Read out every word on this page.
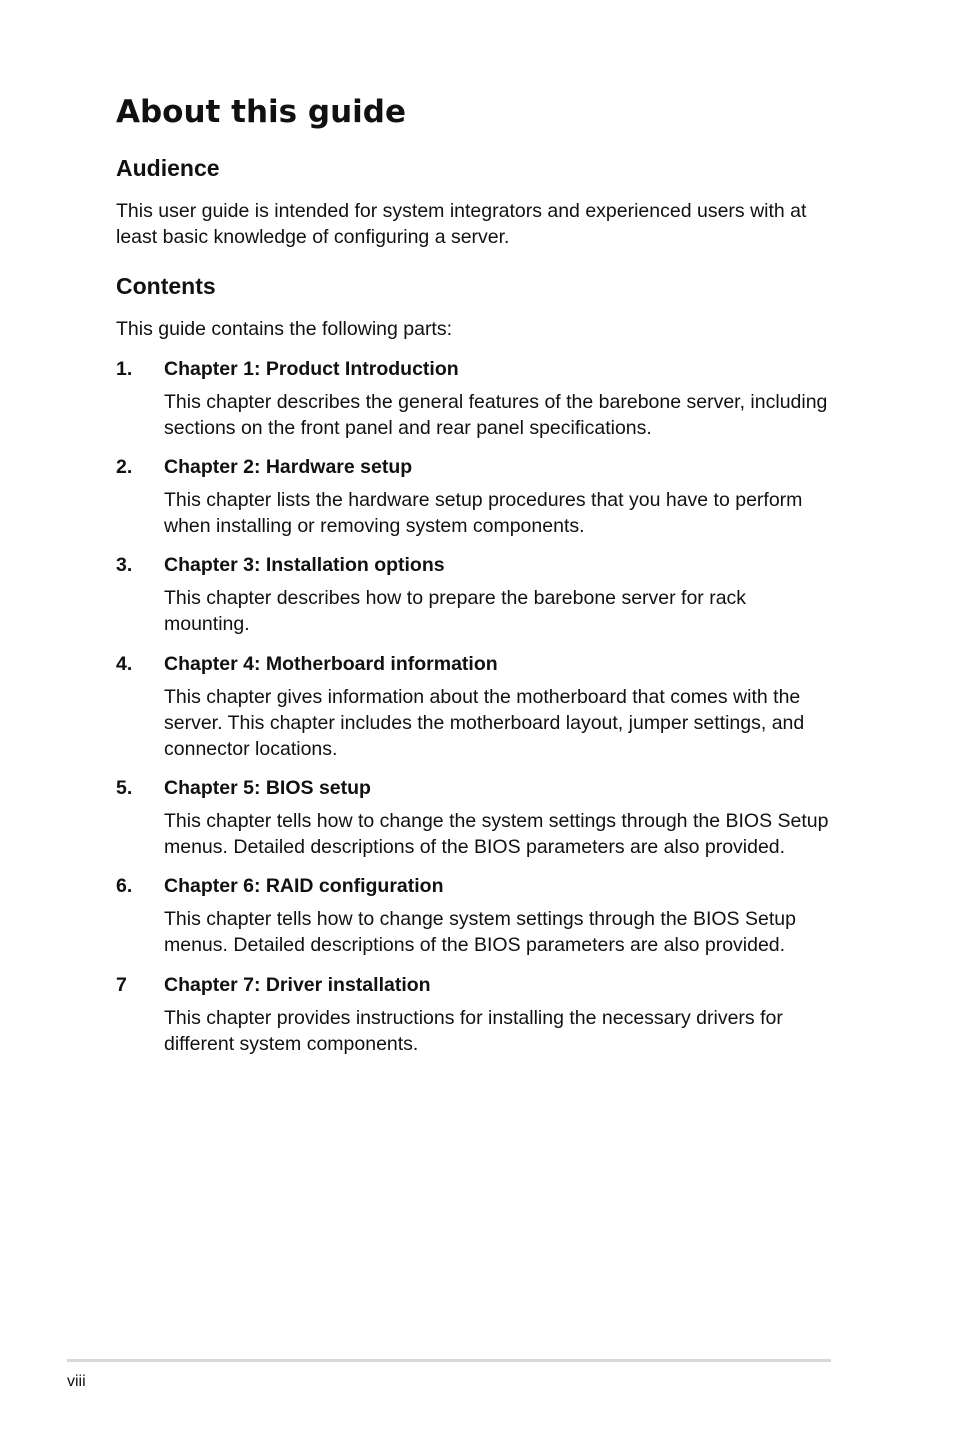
About this guide
Audience

This user guide is intended for system integrators and experienced users with at least basic knowledge of configuring a server.

Contents

This guide contains the following parts:

1.	Chapter 1: Product Introduction
This chapter describes the general features of the barebone server, including sections on the front panel and rear panel specifications.
2.	Chapter 2: Hardware setup
This chapter lists the hardware setup procedures that you have to perform when installing or removing system components.
3.	Chapter 3: Installation options
This chapter describes how to prepare the barebone server for rack mounting.
4.	Chapter 4: Motherboard information
This chapter gives information about the motherboard that comes with the server. This chapter includes the motherboard layout, jumper settings, and connector locations.
5.	Chapter 5: BIOS setup
This chapter tells how to change the system settings through the BIOS Setup menus. Detailed descriptions of the BIOS parameters are also provided.
6.	Chapter 6: RAID configuration
This chapter tells how to change system settings through the BIOS Setup menus. Detailed descriptions of the BIOS parameters are also provided.
7	Chapter 7: Driver installation
This chapter provides instructions for installing the necessary drivers for different system components.
viii
